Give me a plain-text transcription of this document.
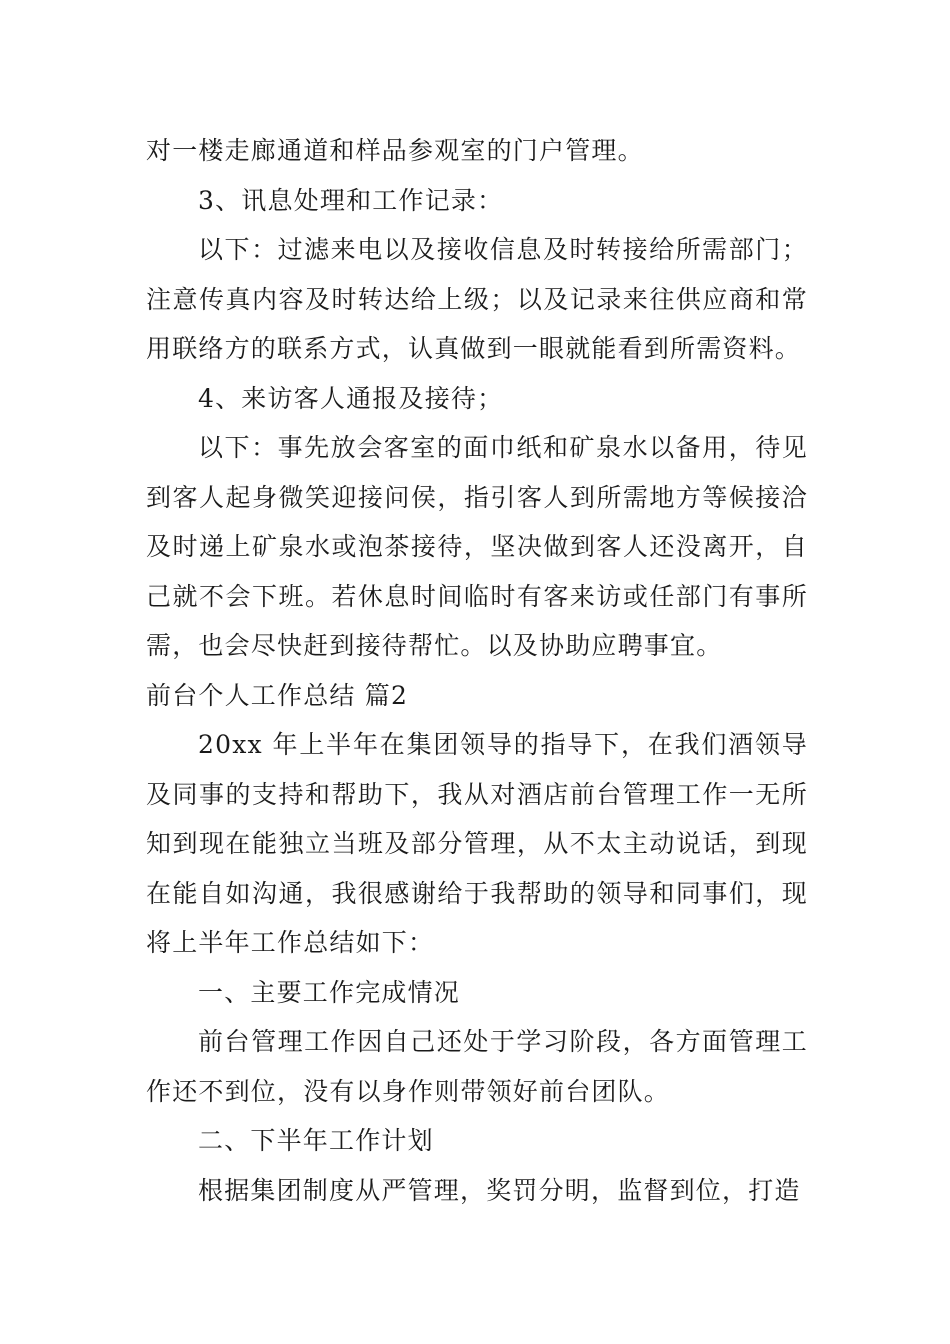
对一楼走廊通道和样品参观室的门户管理。

3、讯息处理和工作记录：

以下：过滤来电以及接收信息及时转接给所需部门；注意传真内容及时转达给上级；以及记录来往供应商和常用联络方的联系方式，认真做到一眼就能看到所需资料。

4、来访客人通报及接待；

以下：事先放会客室的面巾纸和矿泉水以备用，待见到客人起身微笑迎接问侯，指引客人到所需地方等候接洽及时递上矿泉水或泡茶接待，坚决做到客人还没离开，自己就不会下班。若休息时间临时有客来访或任部门有事所需，也会尽快赶到接待帮忙。以及协助应聘事宜。

前台个人工作总结 篇2

20xx 年上半年在集团领导的指导下，在我们酒领导及同事的支持和帮助下，我从对酒店前台管理工作一无所知到现在能独立当班及部分管理，从不太主动说话，到现在能自如沟通，我很感谢给于我帮助的领导和同事们，现将上半年工作总结如下：

一、主要工作完成情况

前台管理工作因自己还处于学习阶段，各方面管理工作还不到位，没有以身作则带领好前台团队。

二、下半年工作计划

根据集团制度从严管理，奖罚分明，监督到位，打造
